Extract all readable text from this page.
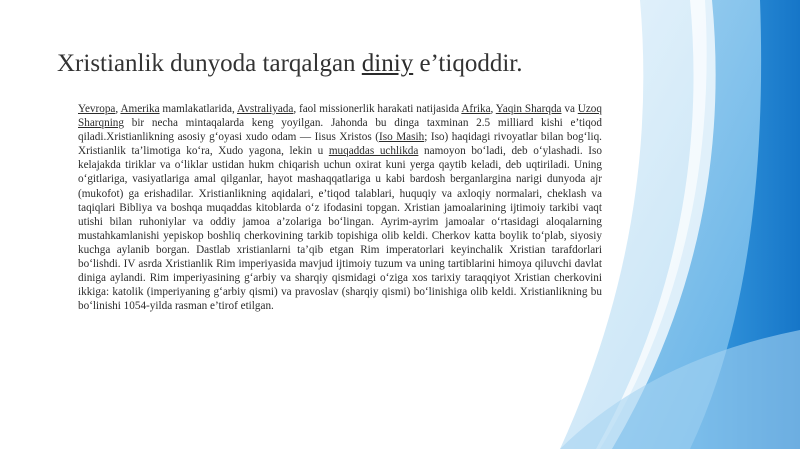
Xristianlik dunyoda tarqalgan diniy e’tiqoddir.
Yevropa, Amerika mamlakatlarida, Avstraliyada, faol missionerlik harakati natijasida Afrika, Yaqin Sharqda va Uzoq Sharqning bir necha mintaqalarda keng yoyilgan. Jahonda bu dinga taxminan 2.5 milliard kishi e’tiqod qiladi.Xristianlikning asosiy g‘oyasi xudo odam — Iisus Xristos (Iso Masih; Iso) haqidagi rivoyatlar bilan bog‘liq. Xristianlik ta’limotiga ko‘ra, Xudo yagona, lekin u muqaddas uchlikda namoyon bo‘ladi, deb o‘ylashadi. Iso kelajakda tiriklar va o‘liklar ustidan hukm chiqarish uchun oxirat kuni yerga qaytib keladi, deb uqtiriladi. Uning o‘gitlariga, vasiyatlariga amal qilganlar, hayot mashaqqatlariga u kabi bardosh berganlargina narigi dunyoda ajr (mukofot) ga erishadilar. Xristianlikning aqidalari, e’tiqod talablari, huquqiy va axloqiy normalari, cheklash va taqiqlari Bibliya va boshqa muqaddas kitoblarda o‘z ifodasini topgan. Xristian jamoalarining ijtimoiy tarkibi vaqt utishi bilan ruhoniylar va oddiy jamoa a’zolariga bo‘lingan. Ayrim-ayrim jamoalar o‘rtasidagi aloqalarning mustahkamlanishi yepiskop boshliq cherkovining tarkib topishiga olib keldi. Cherkov katta boylik to‘plab, siyosiy kuchga aylanib borgan. Dastlab xristianlarni ta’qib etgan Rim imperatorlari keyinchalik Xristian tarafdorlari bo‘lishdi. IV asrda Xristianlik Rim imperiyasida mavjud ijtimoiy tuzum va uning tartiblarini himoya qiluvchi davlat diniga aylandi. Rim imperiyasining g‘arbiy va sharqiy qismidagi o‘ziga xos tarixiy taraqqiyot Xristian cherkovini ikkiga: katolik (imperiyaning g‘arbiy qismi) va pravoslav (sharqiy qismi) bo‘linishiga olib keldi. Xristianlikning bu bo‘linishi 1054-yilda rasman e’tirof etilgan.
